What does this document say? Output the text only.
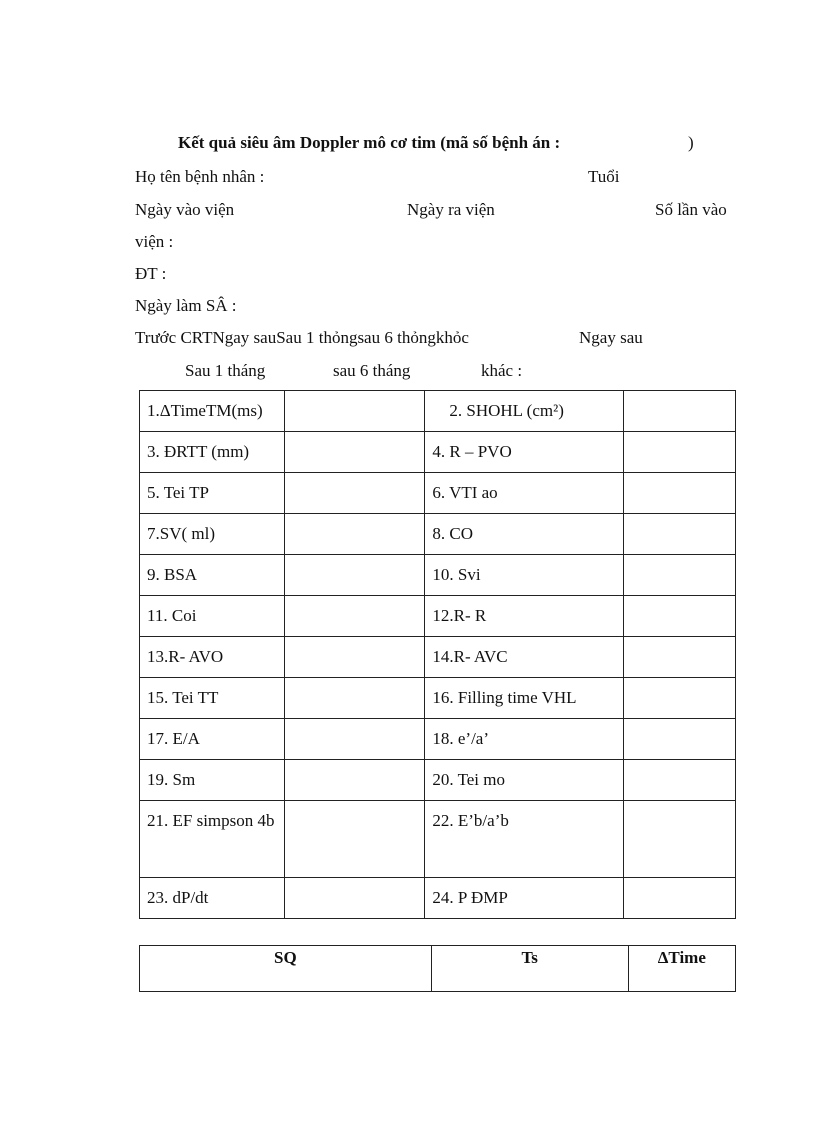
Kết quả siêu âm Doppler mô cơ tim (mã số bệnh án :	)
Họ tên bệnh nhân :	Tuổi
Ngày vào viện	Ngày ra viện	Số lần vào
viện :
ĐT :
Ngày làm SÂ :
Trước CRTNgay sauSau 1 thỏngsau 6 thỏngkhỏc	Ngay sau
Sau 1 tháng	sau 6 tháng	khác :
1.ΔTimeTM(ms)		2. SHOHL (cm²)	
3. ĐRTT (mm)		4. R – PVO	
5. Tei TP		6. VTI ao	
7.SV( ml)		8. CO	
9. BSA		10. Svi	
11. Coi		12.R- R	
13.R- AVO		14.R- AVC	
15. Tei TT		16. Filling time VHL	
17. E/A		18. e’/a’	
19. Sm		20. Tei mo	
21. EF simpson 4b		22. E’b/a’b	
23. dP/dt		24. P ĐMP	
SQ	Ts	ΔTime
